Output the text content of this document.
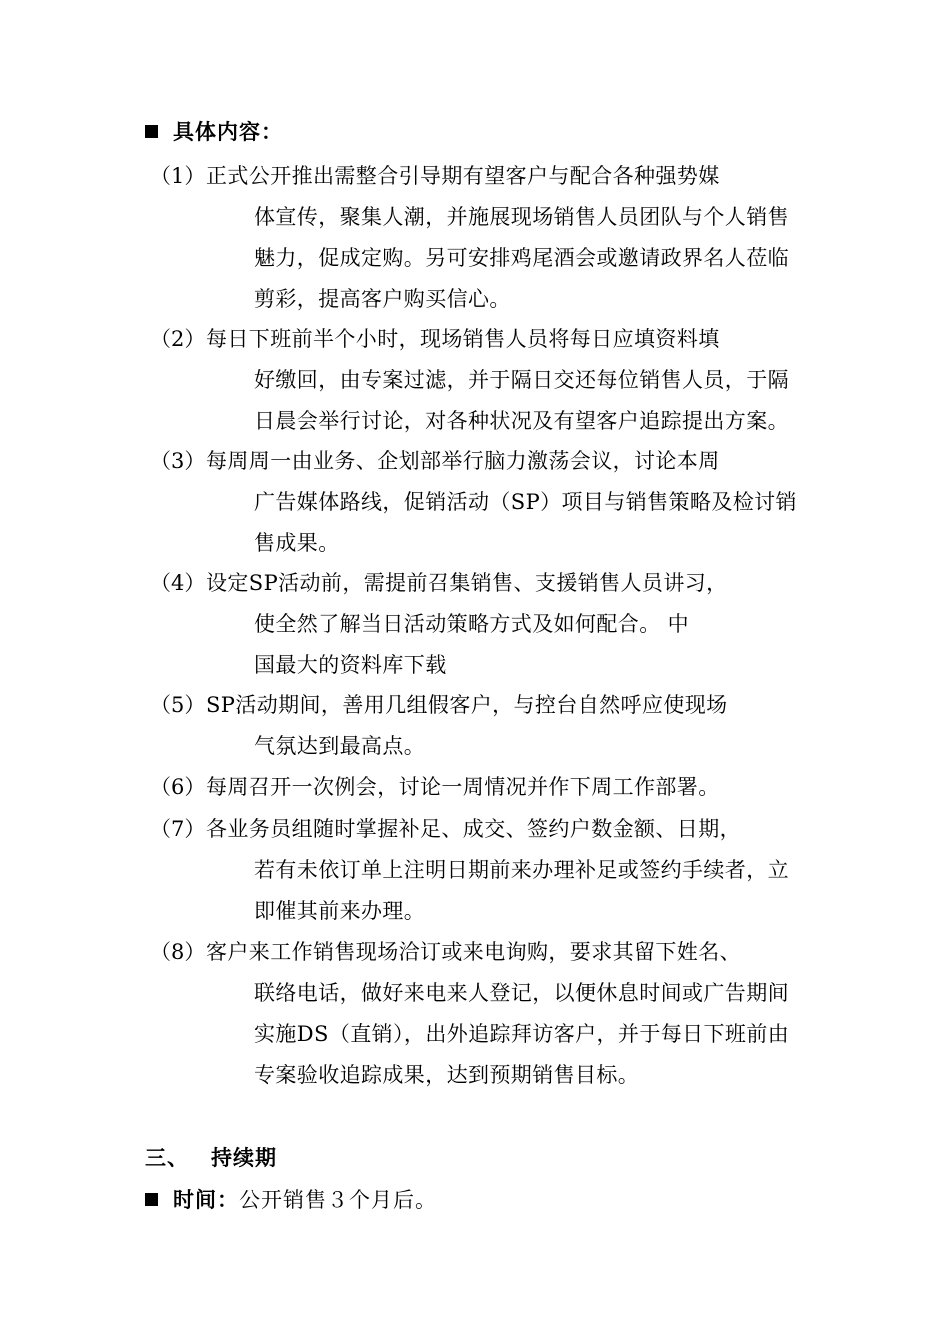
具体内容：
（1） 正式公开推出需整合引导期有望客户与配合各种强势媒
体宣传，聚集人潮，并施展现场销售人员团队与个人销售
魅力，促成定购。另可安排鸡尾酒会或邀请政界名人莅临
剪彩，提高客户购买信心。
（2） 每日下班前半个小时，现场销售人员将每日应填资料填
好缴回，由专案过滤，并于隔日交还每位销售人员，于隔
日晨会举行讨论，对各种状况及有望客户追踪提出方案。
（3） 每周周一由业务、企划部举行脑力激荡会议，讨论本周
广告媒体路线，促销活动（SP）项目与销售策略及检讨销
售成果。
（4） 设定SP活动前，需提前召集销售、支援销售人员讲习，
使全然了解当日活动策略方式及如何配合。 中
国最大的资料库下载
（5） SP活动期间，善用几组假客户，与控台自然呼应使现场
气氛达到最高点。
（6） 每周召开一次例会，讨论一周情况并作下周工作部署。
（7） 各业务员组随时掌握补足、成交、签约户数金额、日期，
若有未依订单上注明日期前来办理补足或签约手续者，立
即催其前来办理。
（8） 客户来工作销售现场洽订或来电询购，要求其留下姓名、
联络电话，做好来电来人登记，以便休息时间或广告期间
实施DS（直销），出外追踪拜访客户，并于每日下班前由
专案验收追踪成果，达到预期销售目标。
三、 持续期
时间：公开销售３个月后。
